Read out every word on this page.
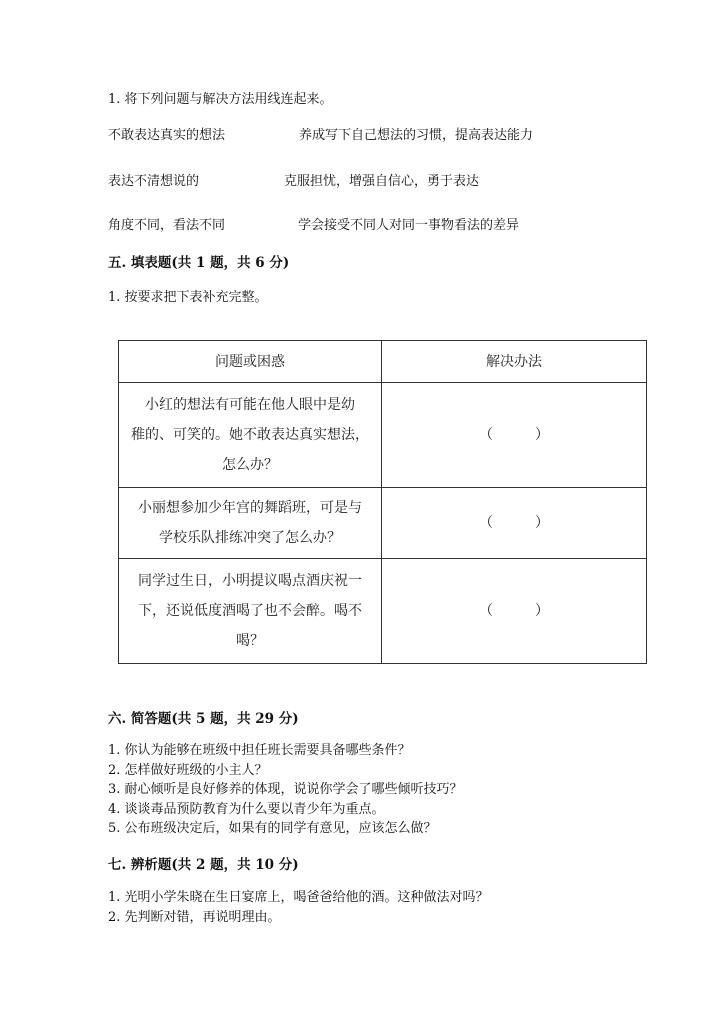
1. 将下列问题与解决方法用线连起来。
不敢表达真实的想法	养成写下自己想法的习惯，提高表达能力
表达不清想说的	克服担忧，增强自信心，勇于表达
角度不同，看法不同	学会接受不同人对同一事物看法的差异
五. 填表题(共 1 题，共 6 分)
1. 按要求把下表补充完整。
问题或困惑	解决办法

小红的想法有可能在他人眼中是幼
稚的、可笑的。她不敢表达真实想法，
怎么办？	（　　　）

小丽想参加少年宫的舞蹈班，可是与
学校乐队排练冲突了怎么办？	（　　　）

同学过生日，小明提议喝点酒庆祝一
下，还说低度酒喝了也不会醉。喝不
喝？	（　　　）
六. 简答题(共 5 题，共 29 分)
1. 你认为能够在班级中担任班长需要具备哪些条件？
2. 怎样做好班级的小主人？
3. 耐心倾听是良好修养的体现，说说你学会了哪些倾听技巧？
4. 谈谈毒品预防教育为什么要以青少年为重点。
5. 公布班级决定后，如果有的同学有意见，应该怎么做？
七. 辨析题(共 2 题，共 10 分)
1. 光明小学朱晓在生日宴席上，喝爸爸给他的酒。这种做法对吗？
2. 先判断对错，再说明理由。
